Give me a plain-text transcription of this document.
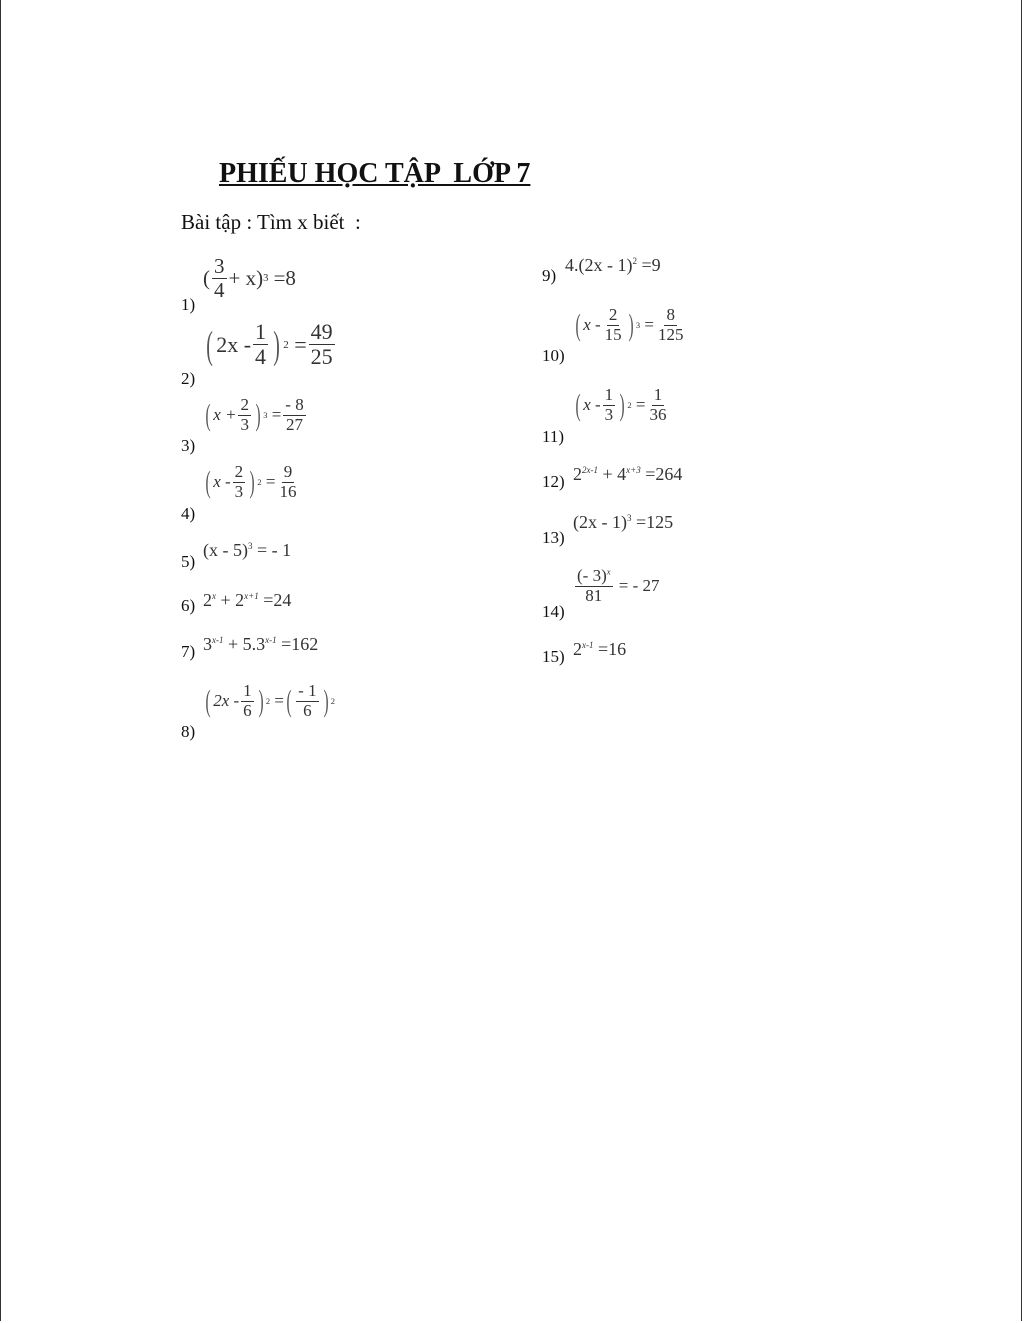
PHIẾU HỌC TẬP  LỚP 7
Bài tập : Tìm x biết  :
1)
2)
3)
4)
5)
6)
7)
8)
9)
10)
11)
12)
13)
14)
15)
( $\frac{3}{4} + x$) 3
=8
( $2x - \frac{1}{4}$ ) 2
= $\frac{49}{25}$
( $x + \frac{2}{3}$ ) 3
= $\frac{- 8}{27}$
( x - $\frac{2}{3}$ ) 2
= $\frac{9}{16}$
(x - 5)$^3$ = - 1
$2^x + 2^{x+1} =24$
$3^{x-1} + 5.3^{x-1} =162$
( $2x - \frac{1}{6}$ ) 2
= ( $\frac{- 1}{6}$ ) 2
4.(2x - 1)$^2$ =9
( x - $\frac{2}{15}$ ) 3
= $\frac{8}{125}$
( x - $\frac{1}{3}$ ) 2
= $\frac{1}{36}$
$2^{2x-1} + 4^{x+3} =264$
(2x - 1)$^3$ =125
$\frac{(- 3)^x}{81}$
= - 27
$2^{x-1} =16$
